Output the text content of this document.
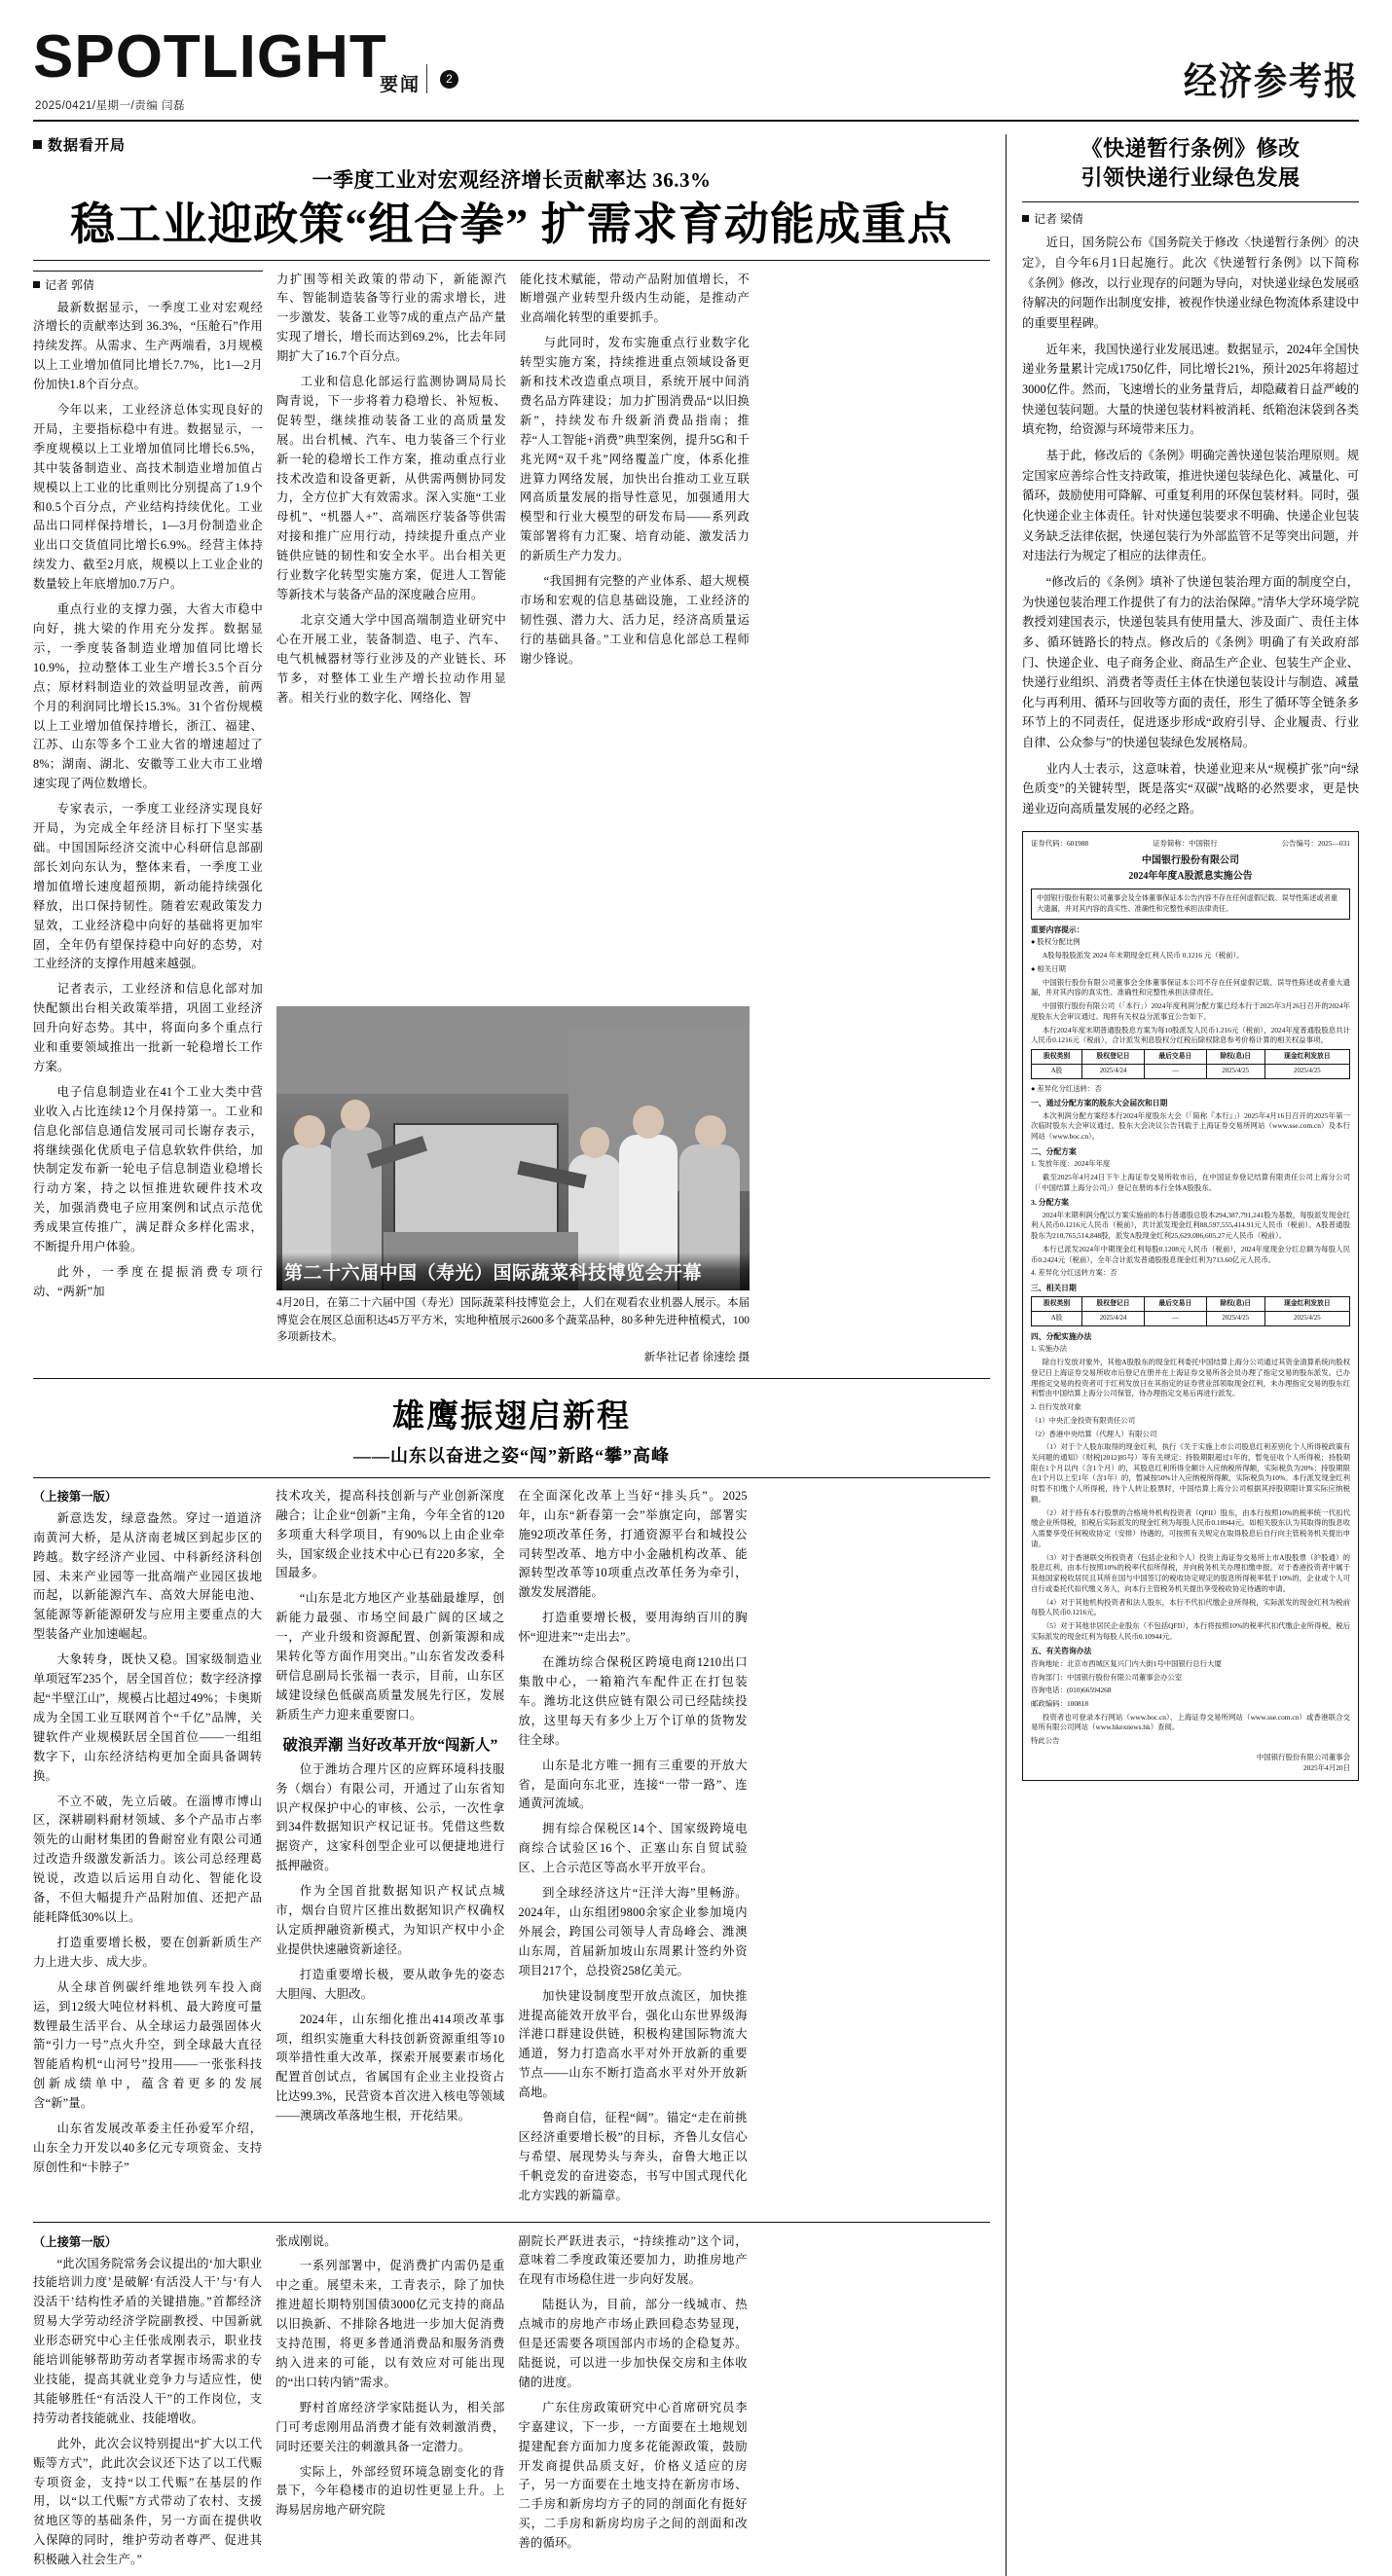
SPOTLIGHT
要闻	2
2025/0421/星期一/责编 闫磊
经济参考报
数据看开局
一季度工业对宏观经济增长贡献率达 36.3%
稳工业迎政策“组合拳” 扩需求育动能成重点
记者 郭倩

最新数据显示，一季度工业对宏观经济增长的贡献率达到 36.3%，“压舱石”作用持续发挥。从需求、生产两端看，3月规模以上工业增加值同比增长7.7%，比1—2月份加快1.8个百分点。

今年以来，工业经济总体实现良好的开局，主要指标稳中有进。数据显示，一季度规模以上工业增加值同比增长6.5%，其中装备制造业、高技术制造业增加值占规模以上工业的比重则比分别提高了1.9个和0.5个百分点，产业结构持续优化。工业品出口同样保持增长，1—3月份制造业企业出口交货值同比增长6.9%。经营主体持续发力、截至2月底，规模以上工业企业的数量较上年底增加0.7万户。

重点行业的支撑力强，大省大市稳中向好，挑大梁的作用充分发挥。数据显示，一季度装备制造业增加值同比增长10.9%，拉动整体工业生产增长3.5个百分点；原材料制造业的效益明显改善，前两个月的利润同比增长15.3%。31个省份规模以上工业增加值保持增长，浙江、福建、江苏、山东等多个工业大省的增速超过了8%；湖南、湖北、安徽等工业大市工业增速实现了两位数增长。

专家表示，一季度工业经济实现良好开局，为完成全年经济目标打下坚实基础。中国国际经济交流中心科研信息部副部长刘向东认为，整体来看，一季度工业增加值增长速度超预期，新动能持续强化释放，出口保持韧性。随着宏观政策发力显效，工业经济稳中向好的基础将更加牢固，全年仍有望保持稳中向好的态势，对工业经济的支撑作用越来越强。

记者表示，工业经济和信息化部对加快配额出台相关政策举措，巩固工业经济回升向好态势。其中，将面向多个重点行业和重要领域推出一批新一轮稳增长工作方案。

电子信息制造业在41个工业大类中营业收入占比连续12个月保持第一。工业和信息化部信息通信发展司司长谢存表示，将继续强化优质电子信息软软件供给，加快制定发布新一轮电子信息制造业稳增长行动方案，持之以恒推进软硬件技术攻关，加强消费电子应用案例和试点示范优秀成果宣传推广，满足群众多样化需求，不断提升用户体验。

此外，一季度在提振消费专项行动、“两新”加

力扩围等相关政策的带动下，新能源汽车、智能制造装备等行业的需求增长，进一步激发、装备工业等7成的重点产品产量实现了增长，增长而达到69.2%，比去年同期扩大了16.7个百分点。

工业和信息化部运行监测协调局局长陶青说，下一步将着力稳增长、补短板、促转型，继续推动装备工业的高质量发展。出台机械、汽车、电力装备三个行业新一轮的稳增长工作方案，推动重点行业技术改造和设备更新，从供需两侧协同发力，全方位扩大有效需求。深入实施“工业母机”、“机器人+”、高端医疗装备等供需对接和推广应用行动，持续提升重点产业链供应链的韧性和安全水平。出台相关更行业数字化转型实施方案，促进人工智能等新技术与装备产品的深度融合应用。

北京交通大学中国高端制造业研究中心在开展工业，装备制造、电子、汽车、电气机械器材等行业涉及的产业链长、环节多，对整体工业生产增长拉动作用显著。相关行业的数字化、网络化、智

能化技术赋能，带动产品附加值增长，不断增强产业转型升级内生动能，是推动产业高端化转型的重要抓手。

与此同时，发布实施重点行业数字化转型实施方案，持续推进重点领域设备更新和技术改造重点项目，系统开展中间消费名品方阵建设；加力扩围消费品“以旧换新”，持续发布升级新消费品指南；推荐“人工智能+消费”典型案例，提升5G和千兆光网“双千兆”网络覆盖广度，体系化推进算力网络发展，加快出台推动工业互联网高质量发展的指导性意见，加强通用大模型和行业大模型的研发布局——系列政策部署将有力汇聚、培育动能、激发活力的新质生产力发力。

“我国拥有完整的产业体系、超大规模市场和宏观的信息基础设施，工业经济的韧性强、潜力大、活力足，经济高质量运行的基础具备。”工业和信息化部总工程师谢少锋说。

第二十六届中国（寿光）国际蔬菜科技博览会开幕
4月20日，在第二十六届中国（寿光）国际蔬菜科技博览会上，人们在观看农业机器人展示。本届博览会在展区总面积达45万平方米，实地种植展示2600多个蔬菜品种，80多种先进种植模式，100多项新技术。
新华社记者 徐速绘 摄
雄鹰振翅启新程
——山东以奋进之姿“闯”新路“攀”高峰
（上接第一版）

新意迭发，绿意盎然。穿过一道道济南黄河大桥，是从济南老城区到起步区的跨越。数字经济产业园、中科新经济科创园、未来产业园等一批高端产业园区拔地而起，以新能源汽车、高效大屏能电池、氢能源等新能源研发与应用主要重点的大型装备产业加速崛起。

大象转身，既快又稳。国家级制造业单项冠军235个，居全国首位；数字经济撑起“半壁江山”，规模占比超过49%；卡奥斯成为全国工业互联网首个“千亿”品牌，关键软件产业规模跃居全国首位——一组组数字下，山东经济结构更加全面具备调转换。

不立不破，先立后破。在淄博市博山区，深耕刷料耐材领域、多个产品市占率领先的山耐材集团的鲁耐窑业有限公司通过改造升级激发新活力。该公司总经理葛锐说，改造以后运用自动化、智能化设备，不但大幅提升产品附加值、还把产品能耗降低30%以上。

打造重要增长极，要在创新新质生产力上进大步、成大步。

从全球首例碳纤维地铁列车投入商运，到12级大吨位材料机、最大跨度可量数锂最生活平台、从全球运力最强固体火箭“引力一号”点火升空，到全球最大直径智能盾构机“山河号”投用——一张张科技创新成绩单中，蕴含着更多的发展含“新”量。

山东省发展改革委主任孙爱军介绍，山东全力开发以40多亿元专项资金、支持原创性和“卡脖子”

技术攻关，提高科技创新与产业创新深度融合；让企业“创新”主角，今年全省的120多项重大科学项目，有90%以上由企业牵头，国家级企业技术中心已有220多家，全国最多。

“山东是北方地区产业基础最雄厚，创新能力最强、市场空间最广阔的区域之一，产业升级和资源配置、创新策源和成果转化等方面作用突出。”山东省发改委科研信息副局长张福一表示，目前，山东区域建设绿色低碳高质量发展先行区，发展新质生产力迎来重要窗口。

破浪弄潮 当好改革开放“闯新人”

位于潍坊合理片区的应辉环境科技服务（烟台）有限公司，开通过了山东省知识产权保护中心的审核、公示，一次性拿到34件数据知识产权记证书。凭借这些数据资产，这家科创型企业可以便捷地进行抵押融资。

作为全国首批数据知识产权试点城市，烟台自贸片区推出数据知识产权确权认定质押融资新模式，为知识产权中小企业提供快速融资新途径。

打造重要增长极，要从敢争先的姿态大胆闯、大胆改。

2024年，山东细化推出414项改革事项，组织实施重大科技创新资源重组等10项举措性重大改革，探索开展要素市场化配置首创试点，省属国有企业主业投资占比达99.3%，民营资本首次进入核电等领域——澳璃改革落地生根，开花结果。

在全面深化改革上当好“排头兵”。2025年，山东“新春第一会”举旗定向，部署实施92项改革任务，打通资源平台和城投公司转型改革、地方中小金融机构改革、能源转型改革等10项重点改革任务为牵引，激发发展潜能。

打造重要增长极，要用海纳百川的胸怀“迎进来”“走出去”。

在潍坊综合保税区跨境电商1210出口集散中心，一箱箱汽车配件正在打包装车。潍坊北这供应链有限公司已经陆续投放，这里每天有多少上万个订单的货物发往全球。

山东是北方唯一拥有三重要的开放大省，是面向东北亚，连接“一带一路”、连通黄河流域。

拥有综合保税区14个、国家级跨境电商综合试验区16个、正塞山东自贸试验区、上合示范区等高水平开放平台。

到全球经济这片“汪洋大海”里畅游。2024年，山东组团9800余家企业参加境内外展会，跨国公司领导人青岛峰会、潍澳山东周，首届新加坡山东周累计签约外资项目217个，总投资258亿美元。

加快建设制度型开放点流区，加快推进提高能效开放平台，强化山东世界级海洋港口群建设供链，积极构建国际物流大通道，努力打造高水平对外开放新的重要节点——山东不断打造高水平对外开放新高地。

鲁商自信，征程“阔”。锚定“走在前挑区经济重要增长极”的目标，齐鲁儿女信心与希望、展现势头与奔头，奋鲁大地正以千帆竞发的奋进姿态，书写中国式现代化北方实践的新篇章。

（上接第一版）

“此次国务院常务会议提出的‘加大职业技能培训力度’是破解‘有活没人干’与‘有人没活干’结构性矛盾的关键措施。”首都经济贸易大学劳动经济学院副教授、中国新就业形态研究中心主任张成刚表示，职业技能培训能够帮助劳动者掌握市场需求的专业技能，提高其就业竞争力与适应性，使其能够胜任“有活没人干”的工作岗位，支持劳动者技能就业、技能增收。

此外，此次会议特别提出“扩大以工代赈等方式”，此此次会议还下达了以工代赈专项资金，支持“以工代赈”在基层的作用，以“以工代赈”方式带动了农村、支援贫地区等的基础条件，另一方面在提供收入保障的同时，维护劳动者尊严、促进其积极融入社会生产。”

张成刚说。

一系列部署中，促消费扩内需仍是重中之重。展望未来，工青表示，除了加快推进超长期特别国债3000亿元支持的商品以旧换新、不排除各地进一步加大促消费支持范围，将更多普通消费品和服务消费纳入进来的可能，以有效应对可能出现的“出口转内销”需求。

野村首席经济学家陆挺认为，相关部门可考虑刚用品消费才能有效刺激消费，同时还要关注的刺激具备一定潜力。

实际上，外部经贸环境急剧变化的背景下，今年稳楼市的迫切性更显上升。上海易居房地产研究院

副院长严跃进表示，“持续推动”这个词，意味着二季度政策还要加力，助推房地产在现有市场稳住进一步向好发展。

陆挺认为，目前，部分一线城市、热点城市的房地产市场止跌回稳态势显现，但是还需要各项国部内市场的企稳复苏。陆挺说，可以进一步加快保交房和主体收储的进度。

广东住房政策研究中心首席研究员李宇嘉建议，下一步，一方面要在土地规划提建配套方面加力度多花能源政策，鼓励开发商提供品质支好，价格义适应的房子，另一方面要在土地支持在新房市场、二手房和新房均方子的同的剖面化有挺好买，二手房和新房均房子之间的剖面和改善的循环。

《快递暂行条例》修改
引领快递行业绿色发展
记者 梁倩

近日，国务院公布《国务院关于修改〈快递暂行条例〉的决定》，自今年6月1日起施行。此次《快递暂行条例》以下简称《条例》修改，以行业现存的问题为导向，对快递业绿色发展亟待解决的问题作出制度安排，被视作快递业绿色物流体系建设中的重要里程碑。

近年来，我国快递行业发展迅速。数据显示，2024年全国快递业务量累计完成1750亿件，同比增长21%，预计2025年将超过3000亿件。然而，飞速增长的业务量背后，却隐藏着日益严峻的快递包装问题。大量的快递包装材料被消耗、纸箱泡沫袋到各类填充物，给资源与环境带来压力。

基于此，修改后的《条例》明确完善快递包装治理原则。规定国家应善综合性支持政策，推进快递包装绿色化、减量化、可循环，鼓励使用可降解、可重复利用的环保包装材料。同时，强化快递企业主体责任。针对快递包装要求不明确、快递企业包装义务缺乏法律依据，快递包装行为外部监管不足等突出问题，并对违法行为规定了相应的法律责任。

“修改后的《条例》填补了快递包装治理方面的制度空白，为快递包装治理工作提供了有力的法治保障。”清华大学环境学院教授刘建国表示，快递包装具有使用量大、涉及面广、责任主体多、循环链路长的特点。修改后的《条例》明确了有关政府部门、快递企业、电子商务企业、商品生产企业、包装生产企业、快递行业组织、消费者等责任主体在快递包装设计与制造、减量化与再利用、循环与回收等方面的责任，形生了循环等全链条多环节上的不同责任，促进逐步形成“政府引导、企业履责、行业自律、公众参与”的快递包装绿色发展格局。

业内人士表示，这意味着，快递业迎来从“规模扩张”向“绿色质变”的关键转型，既是落实“双碳”战略的必然要求，更是快递业迈向高质量发展的必经之路。

证券代码：601988	证券简称：中国银行	公告编号：2025—031
中国银行股份有限公司
2024年年度A股派息实施公告
中国银行股份有限公司董事会及全体董事保证本公告内容不存在任何虚假记载、误导性陈述或者重大遗漏，并对其内容的真实性、准确性和完整性承担法律责任。
重要内容提示：
● 股权分配比例
A股每股股派发 2024 年末期现金红利人民币 0.1216 元（税前）。
● 相关日期
中国银行股份有限公司董事会全体董事保证本公司不存在任何虚假记载、误导性陈述或者重大遗漏，并对其内容的真实性、准确性和完整性承担法律责任。
中国银行股份有限公司（「本行」）2024年度利润分配方案已经本行于2025年3月26日召开的2024年度股东大会审议通过。现将有关权益分派事宜公告如下。
本行2024年度末期普通股股息方案为每10股派发人民币1.216元（税前），2024年度普通股股息共计人民币0.1216元（税前），合计派发利息股权分红税后除权除息参考价格计算的相关权益事项。
股权类别	股权登记日	最后交易日	除权(息)日	现金红利发放日
A股	2025/4/24	—	2025/4/25	2025/4/25
● 差异化分红送转：否
一、通过分配方案的股东大会届次和日期
本次利润分配方案经本行2024年度股东大会（「简称『本行』」）2025年4月16日召开的2025年第一次临时股东大会审议通过。股东大会决议公告刊载于上海证券交易所网站（www.sse.com.cn）及本行网站（www.boc.cn）。
二、分配方案
1. 发放年度：2024年年度
截至2025年4月24日下午上海证券交易所收市后，在中国证券登记结算有限责任公司上海分公司（「中国结算上海分公司」）登记在册的本行全体A股股东。
3. 分配方案
2024年末期利润分配以方案实施前的本行普通股总股本294,387,791,241股为基数，每股派发现金红利人民币0.1216元人民币（税前），共计派发现金红利88,597,555,414.91元人民币（税前）。A股普通股股东为210,765,514,848股，派发A股现金红利25,629,086,605.27元人民币（税前）。
本行已派发2024年中期现金红利每股0.1208元人民币（税前），2024年度现金分红总额为每股人民币0.2424元（税前），全年合计派发普通股股息现金红利为713.60亿元人民币。
4. 差异化分红送转方案：否
三、相关日期
股权类别	股权登记日	最后交易日	除权(息)日	现金红利发放日
A股	2025/4/24	—	2025/4/25	2025/4/25
四、分配实施办法
1. 实施办法
除自行发放对象外，其他A股股东的现金红利委托中国结算上海分公司通过其资金清算系统向股权登记日上海证券交易所收市后登记在册并在上海证券交易所各会员办理了指定交易的股东派发。已办理指定交易的投资者可于红利发放日在其指定的证券营业部领取现金红利，未办理指定交易的股东红利暂由中国结算上海分公司保管，待办理指定交易后再进行派发。
2. 自行发放对象
（1）中央汇金投资有限责任公司
（2）香港中央结算（代理人）有限公司
（1）对于个人股东取得的现金红利，执行《关于实施上市公司股息红利差别化个人所得税政策有关问题的通知》（财税[2012]85号）等有关规定：持股期限超过1年的，暂免征收个人所得税；持股期限在1个月以内（含1个月）的，其股息红利所得全额计入应纳税所得额，实际税负为20%；持股期限在1个月以上至1年（含1年）的，暂减按50%计入应纳税所得额，实际税负为10%。本行派发现金红利时暂不扣缴个人所得税，待个人转让股票时，中国结算上海分公司根据其持股期限计算实际应纳税额。
（2）对于持有本行股票的合格境外机构投资者（QFII）股东，由本行按照10%的税率统一代扣代缴企业所得税，扣税后实际派发的现金红利为每股人民币0.10944元。如相关股东认为其取得的股息收入需要享受任何税收协定（安排）待遇的，可按照有关规定在取得股息后自行向主管税务机关提出申请。
（3）对于香港联交所投资者（包括企业和个人）投资上海证券交易所上市A股股票（沪股通）的股息红利，由本行按照10%的税率代扣所得税，并向税务机关办理扣缴申报。对于香港投资者中属于其他国家税收居民且其所在国与中国签订的税收协定规定的股息所得税率低于10%的，企业或个人可自行或委托代扣代缴义务人，向本行主管税务机关提出享受税收协定待遇的申请。
（4）对于其他机构投资者和法人股东，本行不代扣代缴企业所得税，实际派发的现金红利为税前每股人民币0.1216元。
（5）对于其他非居民企业股东（不包括QFII），本行将按照10%的税率代扣代缴企业所得税，税后实际派发的现金红利为每股人民币0.10944元。
五、有关咨询办法
咨询地址：北京市西城区复兴门内大街1号中国银行总行大厦
咨询部门：中国银行股份有限公司董事会办公室
咨询电话：(010)66594268
邮政编码：100818
投资者也可登录本行网站（www.boc.cn）、上海证券交易所网站（www.sse.com.cn）或香港联合交易所有限公司网站（www.hkexnews.hk）查阅。
特此公告
中国银行股份有限公司董事会
2025年4月20日
